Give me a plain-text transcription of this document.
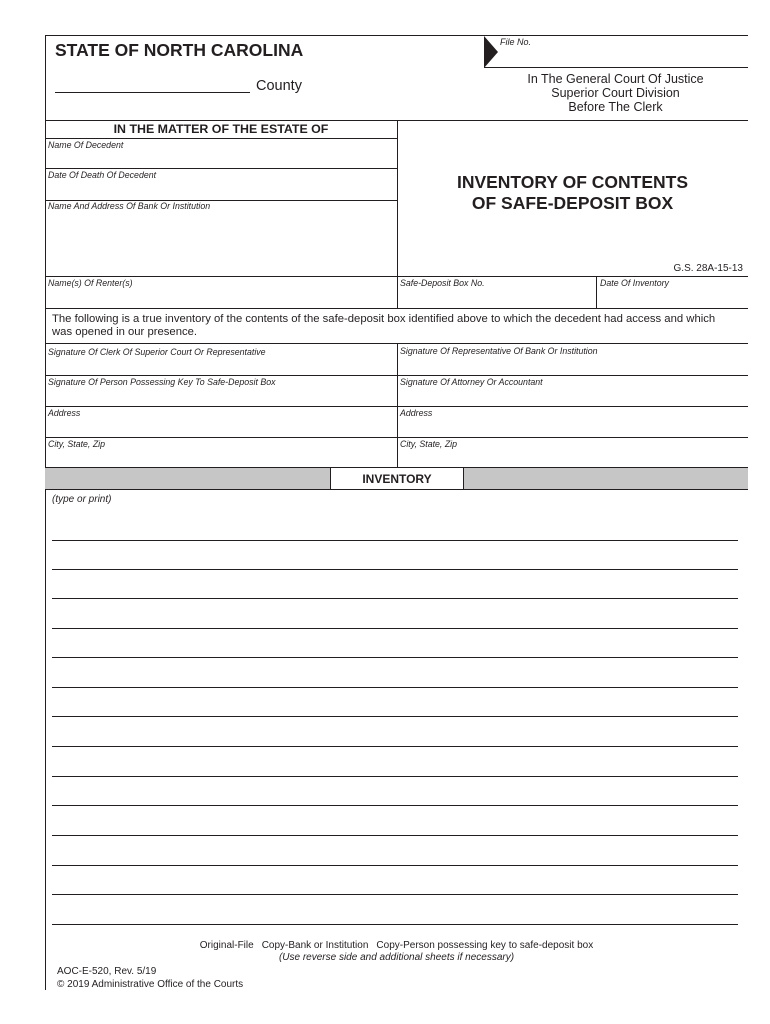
STATE OF NORTH CAROLINA
County
File No.
In The General Court Of Justice
Superior Court Division
Before The Clerk
IN THE MATTER OF THE ESTATE OF
Name Of Decedent
Date Of Death Of Decedent
Name And Address Of Bank Or Institution
Name(s) Of Renter(s)
INVENTORY OF CONTENTS
OF SAFE-DEPOSIT BOX
G.S. 28A-15-13
Safe-Deposit Box No.	Date Of Inventory
The following is a true inventory of the contents of the safe-deposit box identified above to which the decedent had access and which was opened in our presence.
Signature Of Clerk Of Superior Court Or Representative
Signature Of Person Possessing Key To Safe-Deposit Box
Address
City, State, Zip
Signature Of Representative Of Bank Or Institution
Signature Of Attorney Or Accountant
Address
City, State, Zip
INVENTORY
(type or print)
Original-File Copy-Bank or Institution Copy-Person possessing key to safe-deposit box
(Use reverse side and additional sheets if necessary)
AOC-E-520, Rev. 5/19
© 2019 Administrative Office of the Courts
